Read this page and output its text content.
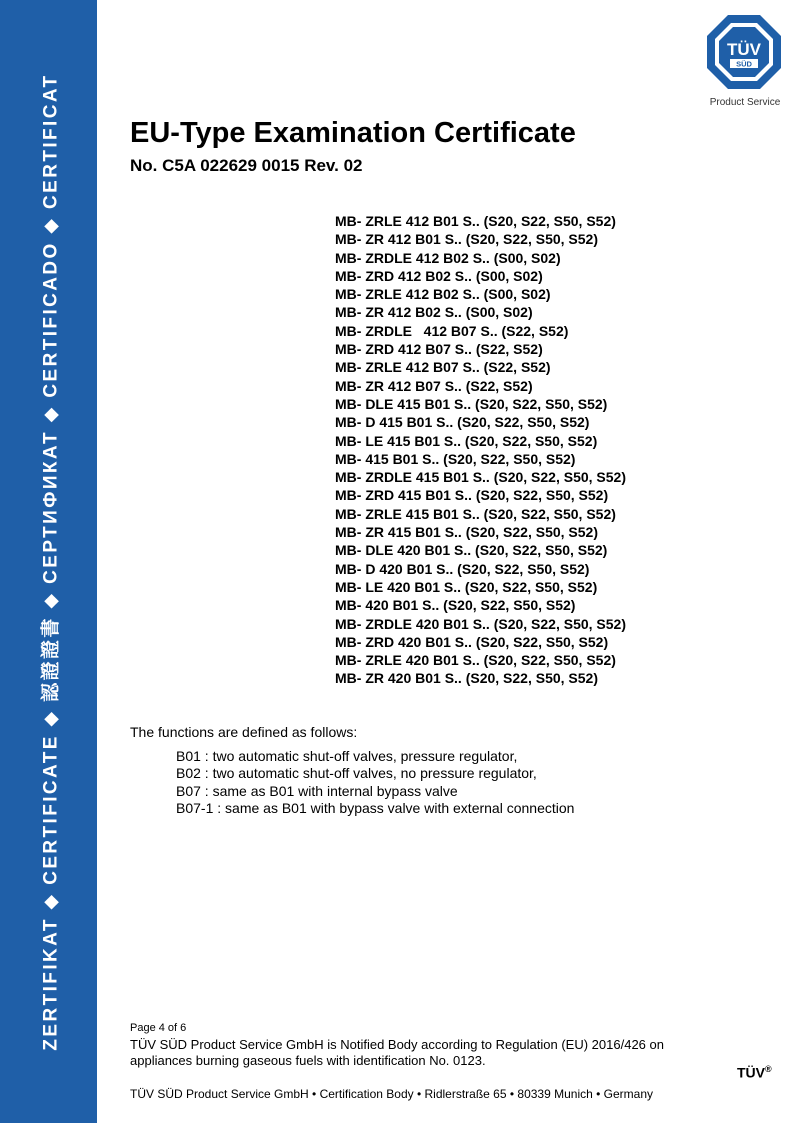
ZERTIFIKAT ◆ CERTIFICATE ◆ 認證證書 ◆ СЕРТИФИКАТ ◆ CERTIFICADO ◆ CERTIFICAT
TÜV
SÜD
Product Service
EU-Type Examination Certificate
No. C5A 022629 0015 Rev. 02
MB- ZRLE 412 B01 S.. (S20, S22, S50, S52)
MB- ZR 412 B01 S.. (S20, S22, S50, S52)
MB- ZRDLE 412 B02 S.. (S00, S02)
MB- ZRD 412 B02 S.. (S00, S02)
MB- ZRLE 412 B02 S.. (S00, S02)
MB- ZR 412 B02 S.. (S00, S02)
MB- ZRDLE   412 B07 S.. (S22, S52)
MB- ZRD 412 B07 S.. (S22, S52)
MB- ZRLE 412 B07 S.. (S22, S52)
MB- ZR 412 B07 S.. (S22, S52)
MB- DLE 415 B01 S.. (S20, S22, S50, S52)
MB- D 415 B01 S.. (S20, S22, S50, S52)
MB- LE 415 B01 S.. (S20, S22, S50, S52)
MB- 415 B01 S.. (S20, S22, S50, S52)
MB- ZRDLE 415 B01 S.. (S20, S22, S50, S52)
MB- ZRD 415 B01 S.. (S20, S22, S50, S52)
MB- ZRLE 415 B01 S.. (S20, S22, S50, S52)
MB- ZR 415 B01 S.. (S20, S22, S50, S52)
MB- DLE 420 B01 S.. (S20, S22, S50, S52)
MB- D 420 B01 S.. (S20, S22, S50, S52)
MB- LE 420 B01 S.. (S20, S22, S50, S52)
MB- 420 B01 S.. (S20, S22, S50, S52)
MB- ZRDLE 420 B01 S.. (S20, S22, S50, S52)
MB- ZRD 420 B01 S.. (S20, S22, S50, S52)
MB- ZRLE 420 B01 S.. (S20, S22, S50, S52)
MB- ZR 420 B01 S.. (S20, S22, S50, S52)
The functions are defined as follows:
B01 : two automatic shut-off valves, pressure regulator,
B02 : two automatic shut-off valves, no pressure regulator,
B07 : same as B01 with internal bypass valve
B07-1 : same as B01 with bypass valve with external connection
Page 4 of 6
TÜV SÜD Product Service GmbH is Notified Body according to Regulation (EU) 2016/426 on appliances burning gaseous fuels with identification No. 0123.
TÜV®
TÜV SÜD Product Service GmbH • Certification Body • Ridlerstraße 65 • 80339 Munich • Germany
